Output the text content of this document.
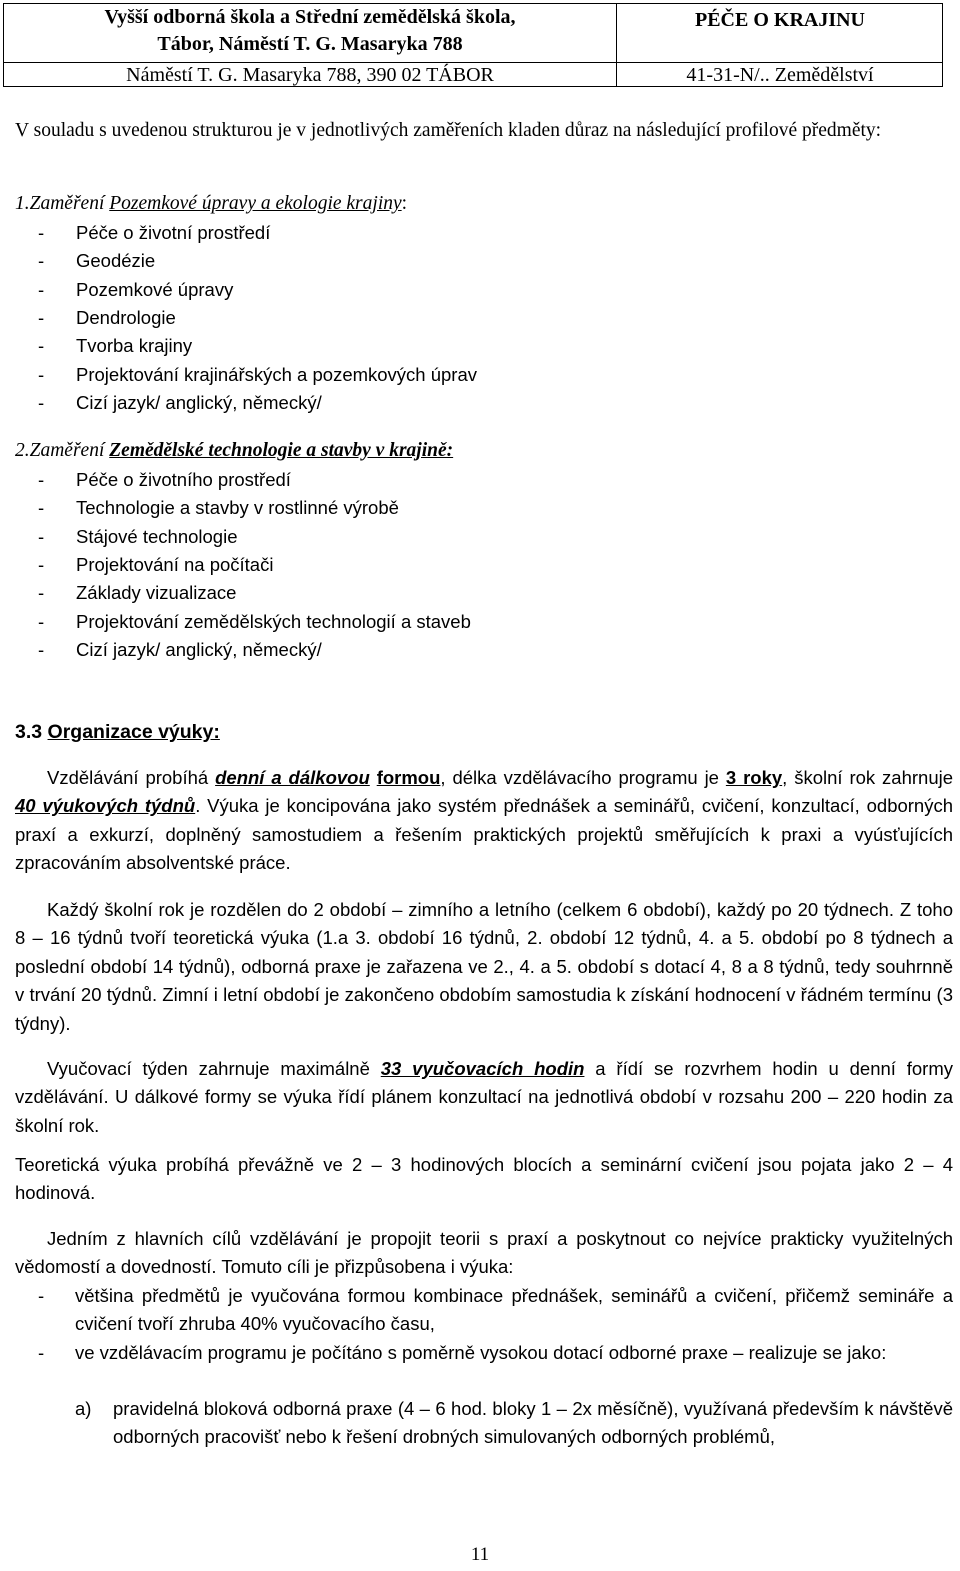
Vyšší odborná škola a Střední zemědělská škola,
Tábor, Náměstí T. G. Masaryka 788
Náměstí T. G. Masaryka 788, 390 02 TÁBOR
PÉČE O KRAJINU
41-31-N/.. Zemědělství
V souladu s uvedenou strukturou je v jednotlivých zaměřeních kladen důraz na následující profilové předměty:
1.Zaměření Pozemkové úpravy a ekologie krajiny:
- Péče o životní prostředí
- Geodézie
- Pozemkové úpravy
- Dendrologie
- Tvorba krajiny
- Projektování krajinářských a pozemkových úprav
- Cizí jazyk/ anglický, německý/
2.Zaměření Zemědělské technologie a stavby v krajině:
- Péče o životního prostředí
- Technologie a stavby v rostlinné výrobě
- Stájové technologie
- Projektování na počítači
- Základy vizualizace
- Projektování zemědělských technologií a staveb
- Cizí jazyk/ anglický, německý/
3.3 Organizace výuky:
Vzdělávání probíhá denní a dálkovou formou, délka vzdělávacího programu je 3 roky, školní rok zahrnuje 40 výukových týdnů. Výuka je koncipována jako systém přednášek a seminářů, cvičení, konzultací, odborných praxí a exkurzí, doplněný samostudiem a řešením praktických projektů směřujících k praxi a vyúsťujících zpracováním absolventské práce.
Každý školní rok je rozdělen do 2 období – zimního a letního (celkem 6 období), každý po 20 týdnech. Z toho 8 – 16 týdnů tvoří teoretická výuka (1.a 3. období 16 týdnů, 2. období 12 týdnů, 4. a 5. období po 8 týdnech a poslední období 14 týdnů), odborná praxe je zařazena ve 2., 4. a 5. období s dotací 4, 8 a 8 týdnů, tedy souhrnně v trvání 20 týdnů. Zimní i letní období je zakončeno obdobím samostudia k získání hodnocení v řádném termínu (3 týdny).
Vyučovací týden zahrnuje maximálně 33 vyučovacích hodin a řídí se rozvrhem hodin u denní formy vzdělávání. U dálkové formy se výuka řídí plánem konzultací na jednotlivá období v rozsahu 200 – 220 hodin za školní rok.
Teoretická výuka probíhá převážně ve 2 – 3 hodinových blocích a seminární cvičení jsou pojata jako 2 – 4 hodinová.
Jedním z hlavních cílů vzdělávání je propojit teorii s praxí a poskytnout co nejvíce prakticky využitelných vědomostí a dovedností. Tomuto cíli je přizpůsobena i výuka:
- většina předmětů je vyučována formou kombinace přednášek, seminářů a cvičení, přičemž semináře a cvičení tvoří zhruba 40% vyučovacího času,
- ve vzdělávacím programu je počítáno s poměrně vysokou dotací odborné praxe – realizuje se jako:
a) pravidelná bloková odborná praxe (4 – 6 hod. bloky 1 – 2x měsíčně), využívaná především k návštěvě odborných pracovišť nebo k řešení drobných simulovaných odborných problémů,
11
